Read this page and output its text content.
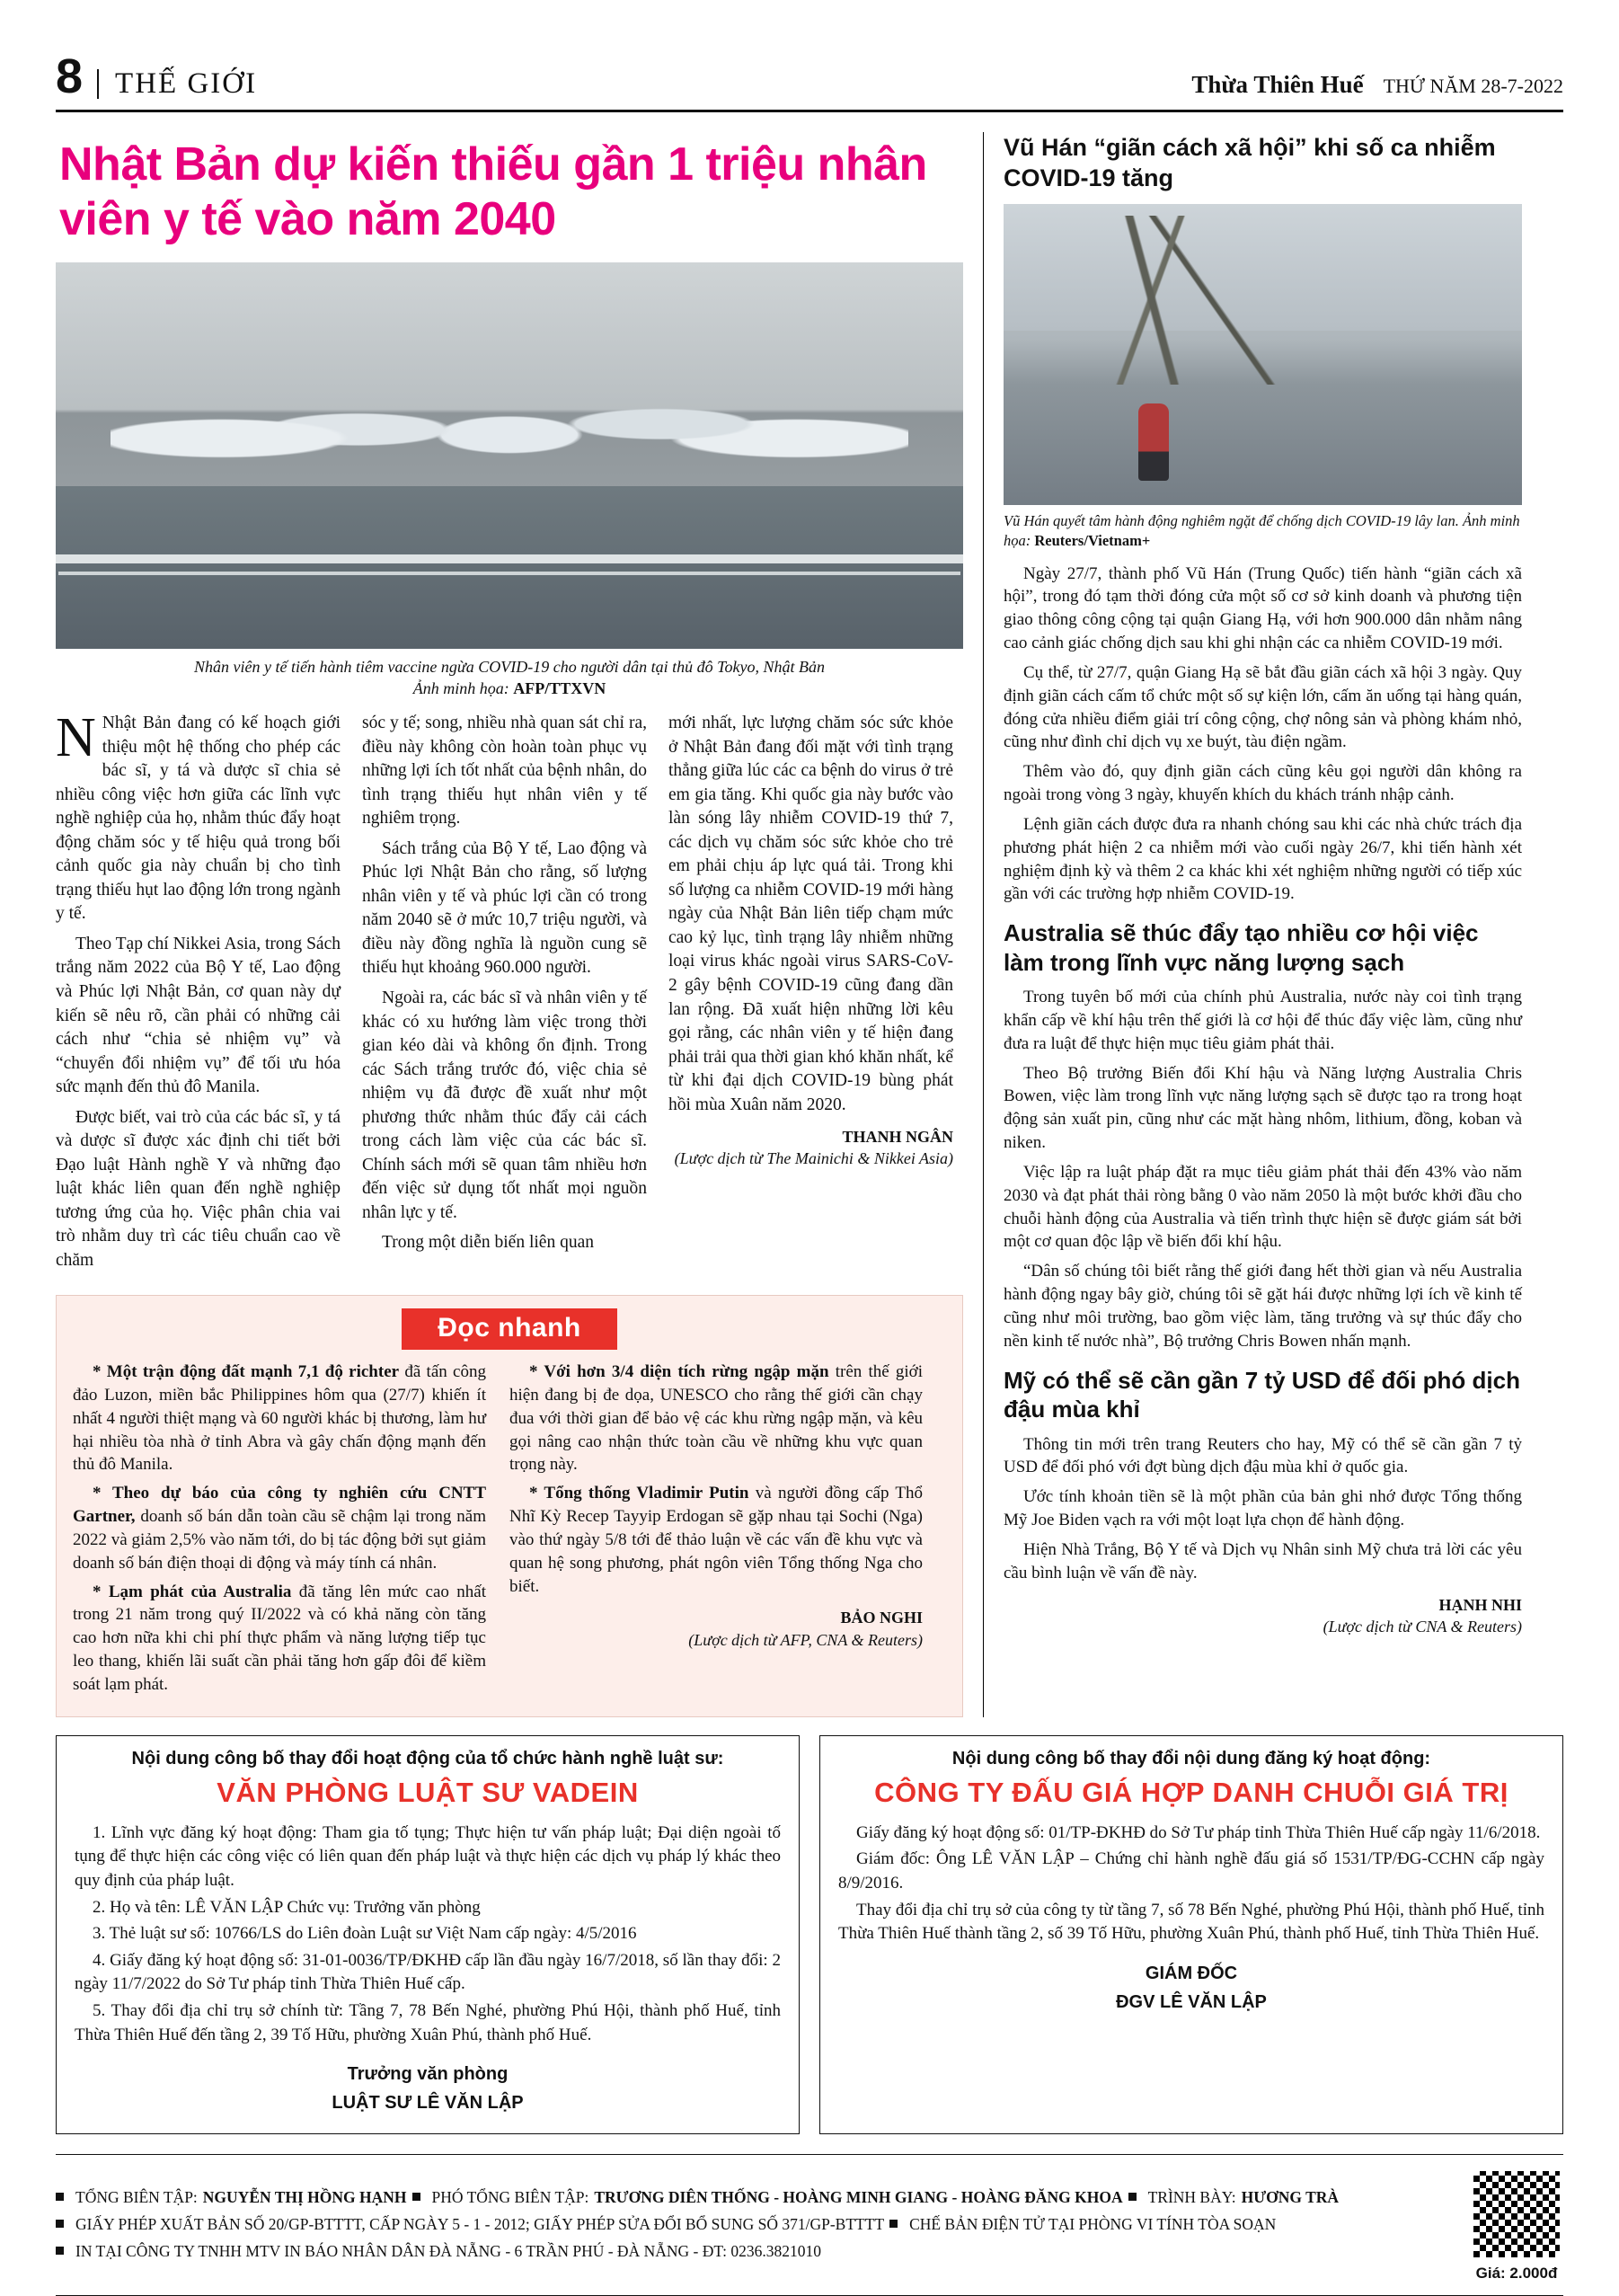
8	THẾ GIỚI	Thừa Thiên Huế THỨ NĂM 28-7-2022
Nhật Bản dự kiến thiếu gần 1 triệu nhân viên y tế vào năm 2040
Nhân viên y tế tiến hành tiêm vaccine ngừa COVID-19 cho người dân tại thủ đô Tokyo, Nhật Bản
Ảnh minh họa: AFP/TTXVN

N Nhật Bản đang có kế hoạch giới thiệu một hệ thống cho phép các bác sĩ, y tá và dược sĩ chia sẻ nhiều công việc hơn giữa các lĩnh vực nghề nghiệp của họ, nhằm thúc đẩy hoạt động chăm sóc y tế hiệu quả trong bối cảnh quốc gia này chuẩn bị cho tình trạng thiếu hụt lao động lớn trong ngành y tế.

Theo Tạp chí Nikkei Asia, trong Sách trắng năm 2022 của Bộ Y tế, Lao động và Phúc lợi Nhật Bản, cơ quan này dự kiến sẽ nêu rõ, cần phải có những cải cách như “chia sẻ nhiệm vụ” và “chuyển đổi nhiệm vụ” để tối ưu hóa sức mạnh đến thủ đô Manila.

Được biết, vai trò của các bác sĩ, y tá và dược sĩ được xác định chi tiết bởi Đạo luật Hành nghề Y và những đạo luật khác liên quan đến nghề nghiệp tương ứng của họ. Việc phân chia vai trò nhằm duy trì các tiêu chuẩn cao về chăm

sóc y tế; song, nhiều nhà quan sát chỉ ra, điều này không còn hoàn toàn phục vụ những lợi ích tốt nhất của bệnh nhân, do tình trạng thiếu hụt nhân viên y tế nghiêm trọng.

Sách trắng của Bộ Y tế, Lao động và Phúc lợi Nhật Bản cho rằng, số lượng nhân viên y tế và phúc lợi cần có trong năm 2040 sẽ ở mức 10,7 triệu người, và điều này đồng nghĩa là nguồn cung sẽ thiếu hụt khoảng 960.000 người.

Ngoài ra, các bác sĩ và nhân viên y tế khác có xu hướng làm việc trong thời gian kéo dài và không ổn định. Trong các Sách trắng trước đó, việc chia sẻ nhiệm vụ đã được đề xuất như một phương thức nhằm thúc đẩy cải cách trong cách làm việc của các bác sĩ. Chính sách mới sẽ quan tâm nhiều hơn đến việc sử dụng tốt nhất mọi nguồn nhân lực y tế.

Trong một diễn biến liên quan

mới nhất, lực lượng chăm sóc sức khỏe ở Nhật Bản đang đối mặt với tình trạng thẳng giữa lúc các ca bệnh do virus ở trẻ em gia tăng. Khi quốc gia này bước vào làn sóng lây nhiễm COVID-19 thứ 7, các dịch vụ chăm sóc sức khỏe cho trẻ em phải chịu áp lực quá tải. Trong khi số lượng ca nhiễm COVID-19 mới hàng ngày của Nhật Bản liên tiếp chạm mức cao kỷ lục, tình trạng lây nhiễm những loại virus khác ngoài virus SARS-CoV-2 gây bệnh COVID-19 cũng đang dần lan rộng. Đã xuất hiện những lời kêu gọi rằng, các nhân viên y tế hiện đang phải trải qua thời gian khó khăn nhất, kể từ khi đại dịch COVID-19 bùng phát hồi mùa Xuân năm 2020.

THANH NGÂN
(Lược dịch từ The Mainichi & Nikkei Asia)
Đọc nhanh

* Một trận động đất mạnh 7,1 độ richter đã tấn công đảo Luzon, miền bắc Philippines hôm qua (27/7) khiến ít nhất 4 người thiệt mạng và 60 người khác bị thương, làm hư hại nhiều tòa nhà ở tỉnh Abra và gây chấn động mạnh đến thủ đô Manila.

* Theo dự báo của công ty nghiên cứu CNTT Gartner, doanh số bán dẫn toàn cầu sẽ chậm lại trong năm 2022 và giảm 2,5% vào năm tới, do bị tác động bởi sụt giảm doanh số bán điện thoại di động và máy tính cá nhân.

* Lạm phát của Australia đã tăng lên mức cao nhất trong 21 năm trong quý II/2022 và có khả năng còn tăng cao hơn nữa khi chi phí thực phẩm và năng lượng tiếp tục leo thang, khiến lãi suất cần phải tăng hơn gấp đôi để kiềm soát lạm phát.

* Với hơn 3/4 diện tích rừng ngập mặn trên thế giới hiện đang bị đe dọa, UNESCO cho rằng thế giới cần chạy đua với thời gian để bảo vệ các khu rừng ngập mặn, và kêu gọi nâng cao nhận thức toàn cầu về những khu vực quan trọng này.

* Tổng thống Vladimir Putin và người đồng cấp Thổ Nhĩ Kỳ Recep Tayyip Erdogan sẽ gặp nhau tại Sochi (Nga) vào thứ ngày 5/8 tới để thảo luận về các vấn đề khu vực và quan hệ song phương, phát ngôn viên Tổng thống Nga cho biết.

BẢO NGHI
(Lược dịch từ AFP, CNA & Reuters)
Vũ Hán “giãn cách xã hội” khi số ca nhiễm COVID-19 tăng
Vũ Hán quyết tâm hành động nghiêm ngặt để chống dịch COVID-19 lây lan. Ảnh minh họa: Reuters/Vietnam+

Ngày 27/7, thành phố Vũ Hán (Trung Quốc) tiến hành “giãn cách xã hội”, trong đó tạm thời đóng cửa một số cơ sở kinh doanh và phương tiện giao thông công cộng tại quận Giang Hạ, với hơn 900.000 dân nhằm nâng cao cảnh giác chống dịch sau khi ghi nhận các ca nhiễm COVID-19 mới.

Cụ thể, từ 27/7, quận Giang Hạ sẽ bắt đầu giãn cách xã hội 3 ngày. Quy định giãn cách cấm tổ chức một số sự kiện lớn, cấm ăn uống tại hàng quán, đóng cửa nhiều điểm giải trí công cộng, chợ nông sản và phòng khám nhỏ, cũng như đình chỉ dịch vụ xe buýt, tàu điện ngầm.

Thêm vào đó, quy định giãn cách cũng kêu gọi người dân không ra ngoài trong vòng 3 ngày, khuyến khích du khách tránh nhập cảnh.

Lệnh giãn cách được đưa ra nhanh chóng sau khi các nhà chức trách địa phương phát hiện 2 ca nhiễm mới vào cuối ngày 26/7, khi tiến hành xét nghiệm định kỳ và thêm 2 ca khác khi xét nghiệm những người có tiếp xúc gần với các trường hợp nhiễm COVID-19.

Australia sẽ thúc đẩy tạo nhiều cơ hội việc làm trong lĩnh vực năng lượng sạch

Trong tuyên bố mới của chính phủ Australia, nước này coi tình trạng khẩn cấp về khí hậu trên thế giới là cơ hội để thúc đẩy việc làm, cũng như đưa ra luật để thực hiện mục tiêu giảm phát thải.

Theo Bộ trưởng Biến đổi Khí hậu và Năng lượng Australia Chris Bowen, việc làm trong lĩnh vực năng lượng sạch sẽ được tạo ra trong hoạt động sản xuất pin, cũng như các mặt hàng nhôm, lithium, đồng, koban và niken.

Việc lập ra luật pháp đặt ra mục tiêu giảm phát thải đến 43% vào năm 2030 và đạt phát thải ròng bằng 0 vào năm 2050 là một bước khởi đầu cho chuỗi hành động của Australia và tiến trình thực hiện sẽ được giám sát bởi một cơ quan độc lập về biến đổi khí hậu.

“Dân số chúng tôi biết rằng thế giới đang hết thời gian và nếu Australia hành động ngay bây giờ, chúng tôi sẽ gặt hái được những lợi ích về kinh tế cũng như môi trường, bao gồm việc làm, tăng trưởng và sự thúc đẩy cho nền kinh tế nước nhà”, Bộ trưởng Chris Bowen nhấn mạnh.

Mỹ có thể sẽ cần gần 7 tỷ USD để đối phó dịch đậu mùa khỉ

Thông tin mới trên trang Reuters cho hay, Mỹ có thể sẽ cần gần 7 tỷ USD để đối phó với đợt bùng dịch đậu mùa khỉ ở quốc gia.

Ước tính khoản tiền sẽ là một phần của bản ghi nhớ được Tổng thống Mỹ Joe Biden vạch ra với một loạt lựa chọn để hành động.

Hiện Nhà Trắng, Bộ Y tế và Dịch vụ Nhân sinh Mỹ chưa trả lời các yêu cầu bình luận về vấn đề này.

HẠNH NHI
(Lược dịch từ CNA & Reuters)
Nội dung công bố thay đổi hoạt động của tổ chức hành nghề luật sư:
VĂN PHÒNG LUẬT SƯ VADEIN

1. Lĩnh vực đăng ký hoạt động: Tham gia tố tụng; Thực hiện tư vấn pháp luật; Đại diện ngoài tố tụng để thực hiện các công việc có liên quan đến pháp luật và thực hiện các dịch vụ pháp lý khác theo quy định của pháp luật.

2. Họ và tên: LÊ VĂN LẬP Chức vụ: Trưởng văn phòng

3. Thẻ luật sư số: 10766/LS do Liên đoàn Luật sư Việt Nam cấp ngày: 4/5/2016

4. Giấy đăng ký hoạt động số: 31-01-0036/TP/ĐKHĐ cấp lần đầu ngày 16/7/2018, số lần thay đổi: 2 ngày 11/7/2022 do Sở Tư pháp tỉnh Thừa Thiên Huế cấp.

5. Thay đổi địa chỉ trụ sở chính từ: Tầng 7, 78 Bến Nghé, phường Phú Hội, thành phố Huế, tỉnh Thừa Thiên Huế đến tầng 2, 39 Tố Hữu, phường Xuân Phú, thành phố Huế.

Trưởng văn phòng
LUẬT SƯ LÊ VĂN LẬP
Nội dung công bố thay đổi nội dung đăng ký hoạt động:
CÔNG TY ĐẤU GIÁ HỢP DANH CHUỖI GIÁ TRỊ

Giấy đăng ký hoạt động số: 01/TP-ĐKHĐ do Sở Tư pháp tỉnh Thừa Thiên Huế cấp ngày 11/6/2018.

Giám đốc: Ông LÊ VĂN LẬP – Chứng chỉ hành nghề đấu giá số 1531/TP/ĐG-CCHN cấp ngày 8/9/2016.

Thay đổi địa chỉ trụ sở của công ty từ tầng 7, số 78 Bến Nghé, phường Phú Hội, thành phố Huế, tỉnh Thừa Thiên Huế thành tầng 2, số 39 Tố Hữu, phường Xuân Phú, thành phố Huế, tỉnh Thừa Thiên Huế.

GIÁM ĐỐC
ĐGV LÊ VĂN LẬP
TỔNG BIÊN TẬP: NGUYỄN THỊ HỒNG HẠNH PHÓ TỔNG BIÊN TẬP: TRƯƠNG DIÊN THỐNG - HOÀNG MINH GIANG - HOÀNG ĐĂNG KHOA TRÌNH BÀY: HƯƠNG TRÀ
GIẤY PHÉP XUẤT BẢN SỐ 20/GP-BTTTT, CẤP NGÀY 5 - 1 - 2012; GIẤY PHÉP SỬA ĐỔI BỔ SUNG SỐ 371/GP-BTTTT CHẾ BẢN ĐIỆN TỬ TẠI PHÒNG VI TÍNH TÒA SOẠN
IN TẠI CÔNG TY TNHH MTV IN BÁO NHÂN DÂN ĐÀ NẴNG - 6 TRẦN PHÚ - ĐÀ NẴNG - ĐT: 0236.3821010
Giá: 2.000đ
